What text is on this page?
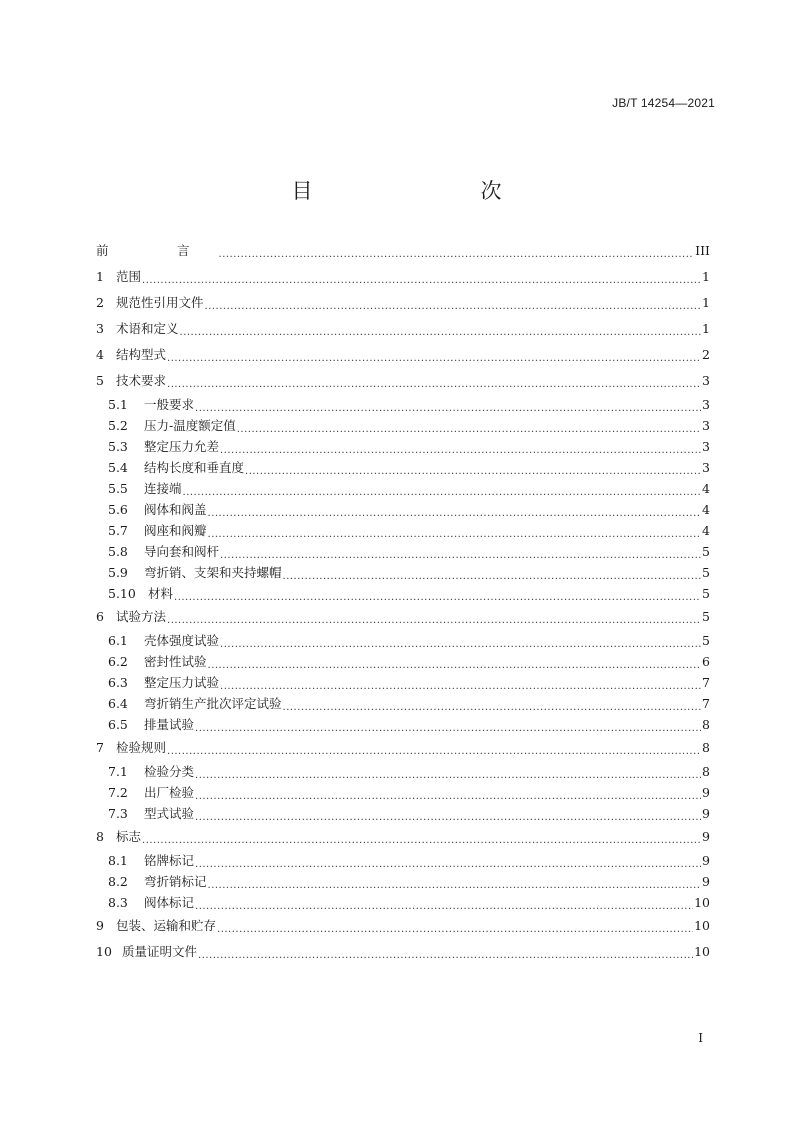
JB/T 14254—2021
目　　次
前　言 .....	III
1 范围 .....	1
2 规范性引用文件 .....	1
3 术语和定义 .....	1
4 结构型式 .....	2
5 技术要求 .....	3
5.1	一般要求 .....	3
5.2	压力-温度额定值 .....	3
5.3	整定压力允差 .....	3
5.4	结构长度和垂直度 .....	3
5.5	连接端 .....	4
5.6	阀体和阀盖 .....	4
5.7	阀座和阀瓣 .....	4
5.8	导向套和阀杆 .....	5
5.9	弯折销、支架和夹持螺帽 .....	5
5.10 材料 .....	5
6 试验方法 .....	5
6.1	壳体强度试验 .....	5
6.2	密封性试验 .....	6
6.3	整定压力试验 .....	7
6.4	弯折销生产批次评定试验 .....	7
6.5	排量试验 .....	8
7 检验规则 .....	8
7.1	检验分类 .....	8
7.2	出厂检验 .....	9
7.3	型式试验 .....	9
8 标志 .....	9
8.1	铭牌标记 .....	9
8.2	弯折销标记 .....	9
8.3	阀体标记 .....	10
9 包装、运输和贮存 .....	10
10 质量证明文件 .....	10
I
